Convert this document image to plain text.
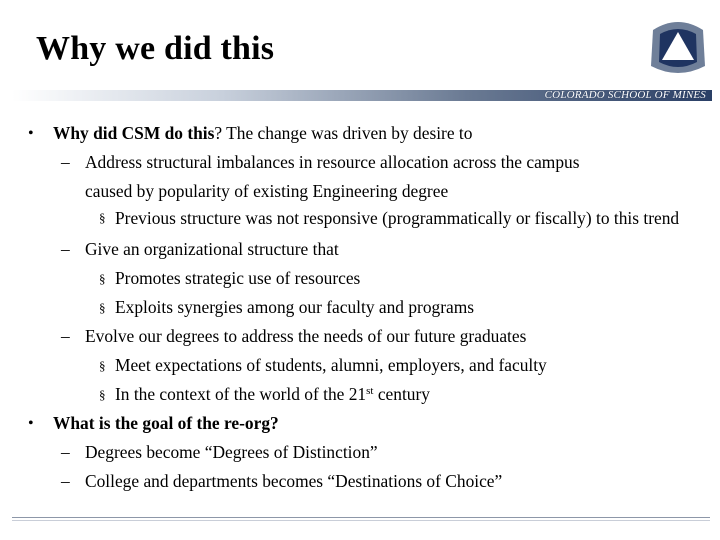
Why we did this
COLORADO SCHOOL OF MINES
• Why did CSM do this? The change was driven by desire to
– Address structural imbalances in resource allocation across the campus
caused by popularity of existing Engineering degree
§ Previous structure was not responsive (programmatically or fiscally) to this trend
– Give an organizational structure that
§ Promotes strategic use of resources
§ Exploits synergies among our faculty and programs
– Evolve our degrees to address the needs of our future graduates
§ Meet expectations of students, alumni, employers, and faculty
§ In the context of the world of the 21st century
• What is the goal of the re-org?
– Degrees become “Degrees of Distinction”
– College and departments becomes “Destinations of Choice”
